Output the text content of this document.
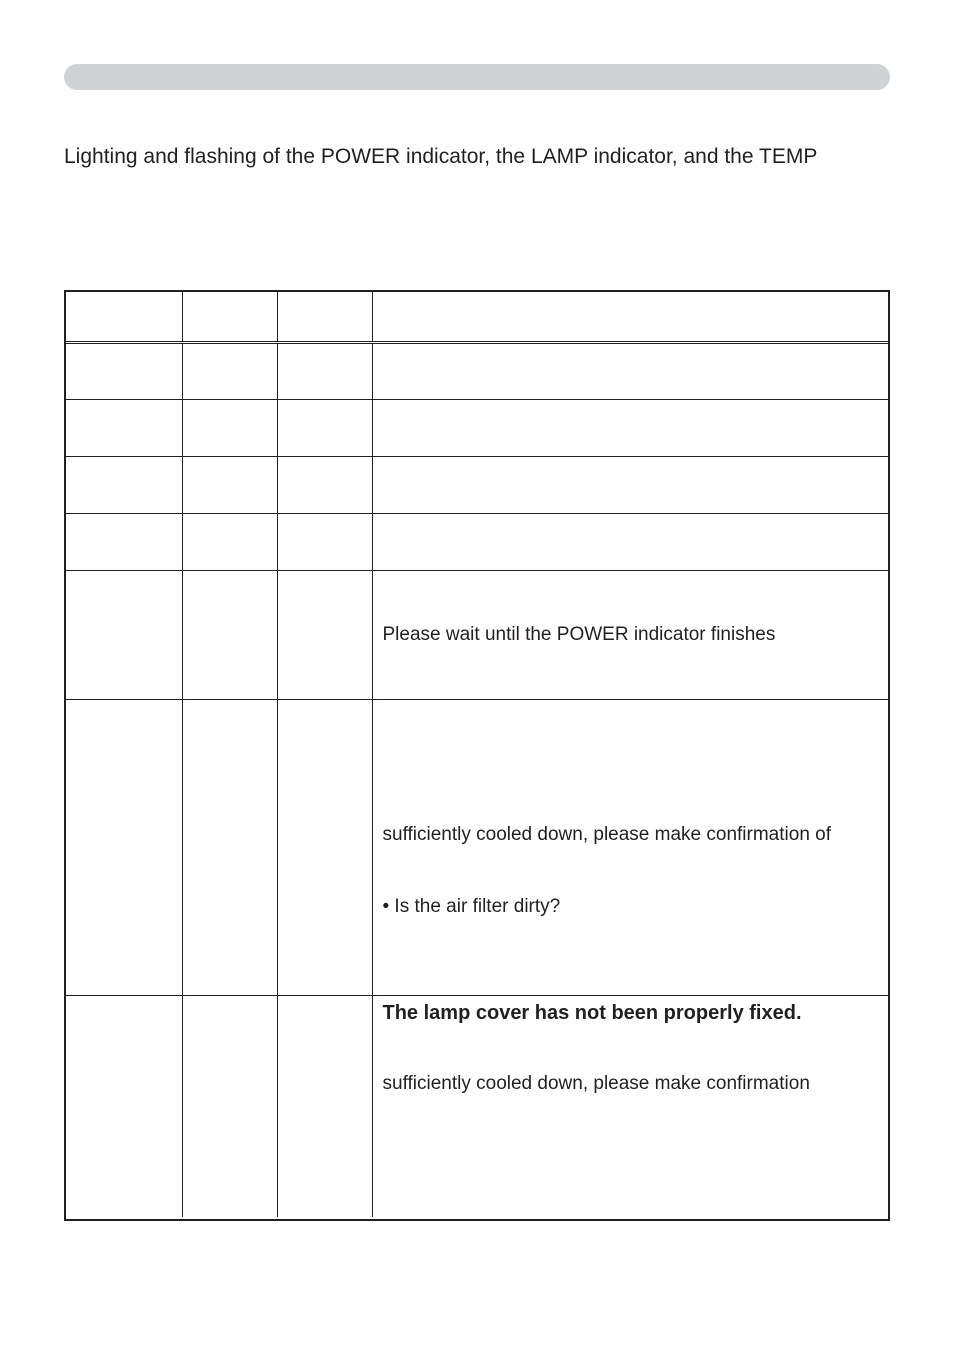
Lighting and flashing of the POWER indicator, the LAMP indicator, and the TEMP

			Please wait until the POWER indicator finishes

			sufficiently cooled down, please make confirmation of
• Is the air filter dirty?

			The lamp cover has not been properly fixed.
sufficiently cooled down, please make confirmation
